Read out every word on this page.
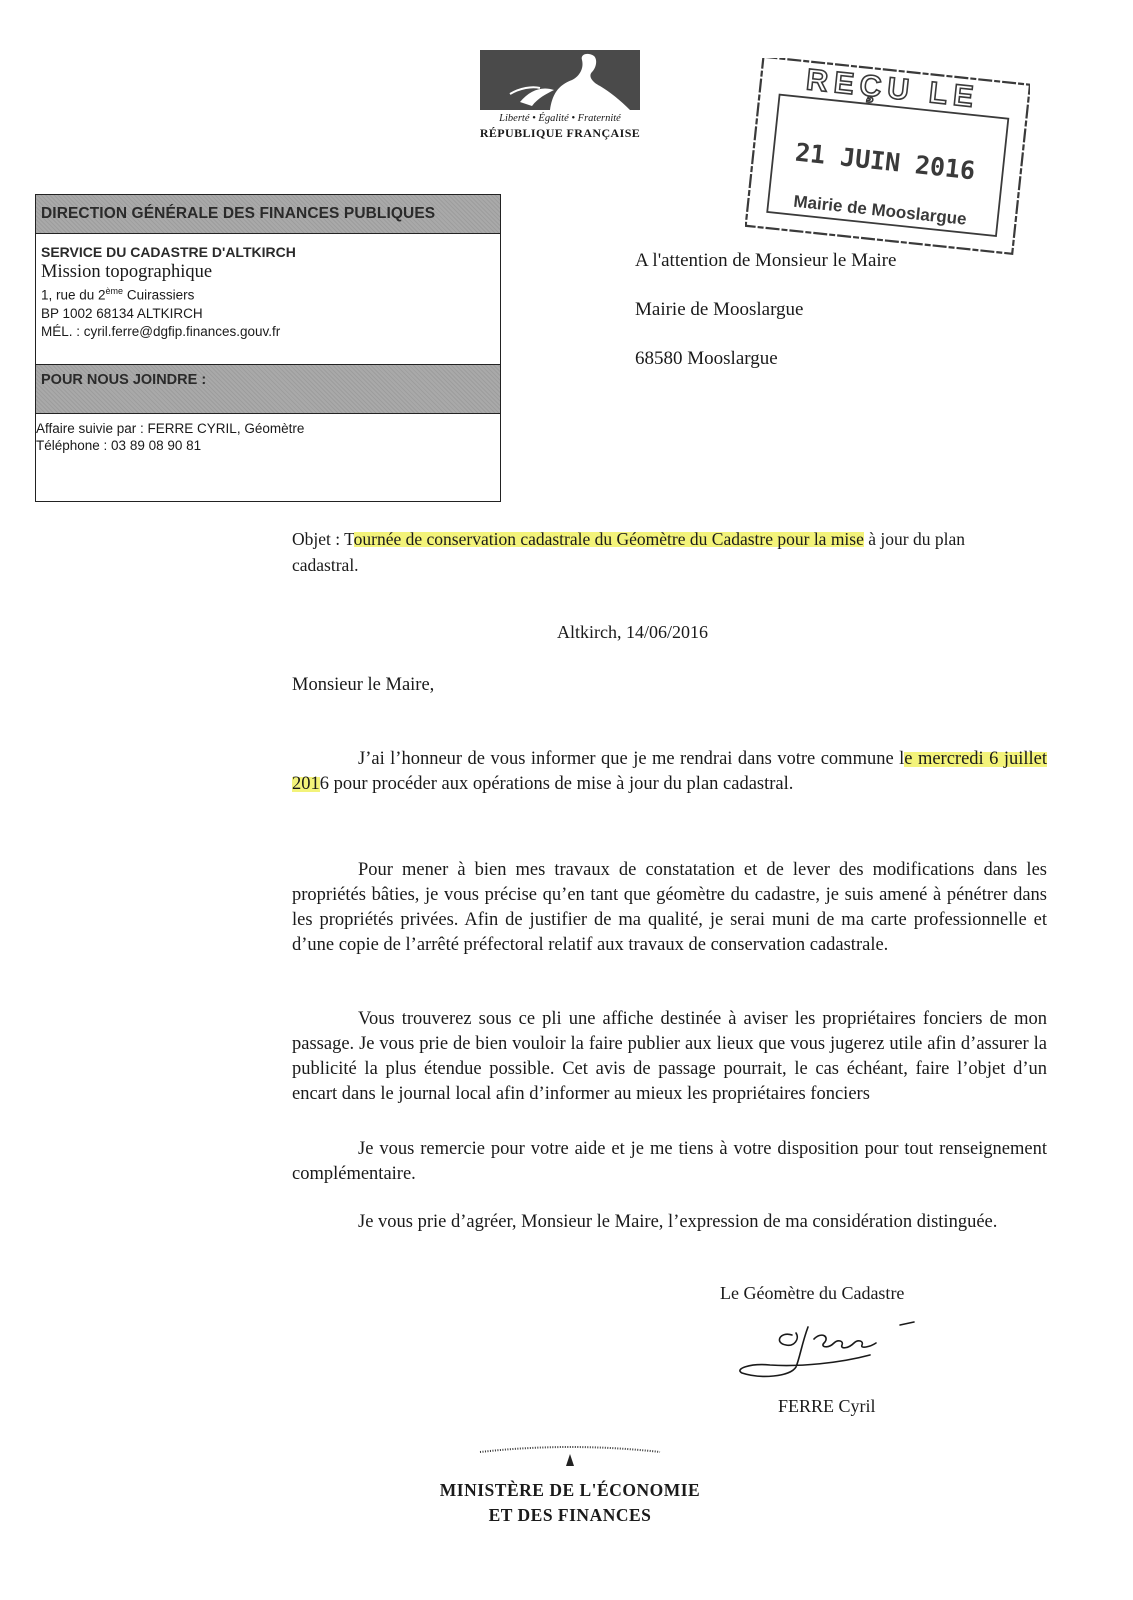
Liberté • Égalité • Fraternité
RÉPUBLIQUE FRANÇAISE
REÇU LE
21 JUIN 2016
Mairie de Mooslargue
DIRECTION GÉNÉRALE DES FINANCES PUBLIQUES
SERVICE DU CADASTRE D'ALTKIRCH
Mission topographique
1, rue du 2ème Cuirassiers
BP 1002 68134 ALTKIRCH
MÉL. : cyril.ferre@dgfip.finances.gouv.fr
POUR NOUS JOINDRE :
Affaire suivie par : FERRE CYRIL, Géomètre
Téléphone : 03 89 08 90 81
A l'attention de Monsieur le Maire
Mairie de Mooslargue
68580 Mooslargue
Objet : Tournée de conservation cadastrale du Géomètre du Cadastre pour la mise à jour du plan cadastral.
Altkirch, 14/06/2016
Monsieur le Maire,
J’ai l’honneur de vous informer que je me rendrai dans votre commune le mercredi 6 juillet 2016 pour procéder aux opérations de mise à jour du plan cadastral.
Pour mener à bien mes travaux de constatation et de lever des modifications dans les propriétés bâties, je vous précise qu’en tant que géomètre du cadastre, je suis amené à pénétrer dans les propriétés privées. Afin de justifier de ma qualité, je serai muni de ma carte professionnelle et d’une copie de l’arrêté préfectoral relatif aux travaux de conservation cadastrale.
Vous trouverez sous ce pli une affiche destinée à aviser les propriétaires fonciers de mon passage. Je vous prie de bien vouloir la faire publier aux lieux que vous jugerez utile afin d’assurer la publicité la plus étendue possible. Cet avis de passage pourrait, le cas échéant, faire l’objet d’un encart dans le journal local afin d’informer au mieux les propriétaires fonciers
Je vous remercie pour votre aide et je me tiens à votre disposition pour tout renseignement complémentaire.
Je vous prie d’agréer, Monsieur le Maire, l’expression de ma considération distinguée.
Le Géomètre du Cadastre
FERRE Cyril
MINISTÈRE DE L'ÉCONOMIE
ET DES FINANCES
